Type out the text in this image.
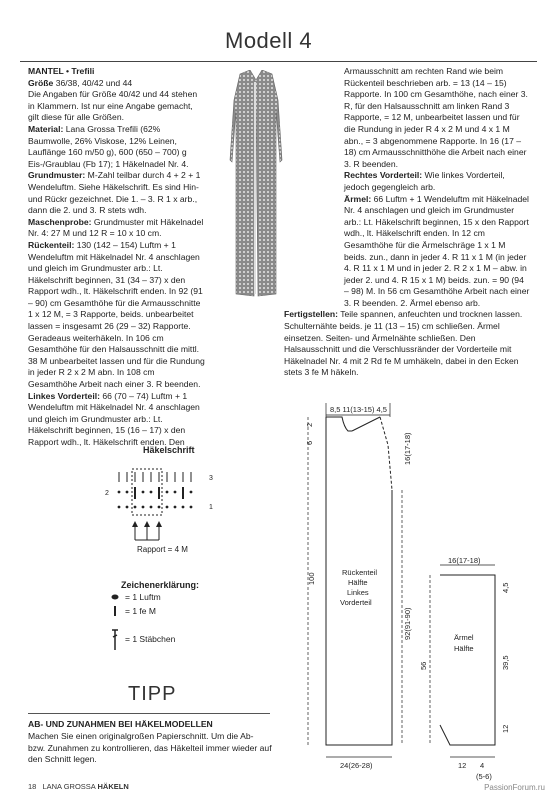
Modell 4

MANTEL • Trefili

Größe 36/38, 40/42 und 44

Die Angaben für Größe 40/42 und 44 stehen in Klammern. Ist nur eine Angabe gemacht, gilt diese für alle Größen.

Material: Lana Grossa Trefili (62% Baumwolle, 26% Viskose, 12% Leinen, Lauflänge 160 m/50 g), 600 (650 – 700) g Eis-/Graublau (Fb 17); 1 Häkelnadel Nr. 4.

Grundmuster: M-Zahl teilbar durch 4 + 2 + 1 Wendeluftm. Siehe Häkelschrift. Es sind Hin- und Rückr gezeichnet. Die 1. – 3. R 1 x arb., dann die 2. und 3. R stets wdh.

Maschenprobe: Grundmuster mit Häkelnadel Nr. 4: 27 M und 12 R = 10 x 10 cm.

Rückenteil: 130 (142 – 154) Luftm + 1 Wendeluftm mit Häkelnadel Nr. 4 anschlagen und gleich im Grundmuster arb.: Lt. Häkelschrift beginnen, 31 (34 – 37) x den Rapport wdh., lt. Häkelschrift enden. In 92 (91 – 90) cm Gesamthöhe für die Armausschnitte 1 x 12 M, = 3 Rapporte, beids. unbearbeitet lassen = insgesamt 26 (29 – 32) Rapporte. Geradeaus weiterhäkeln. In 106 cm Gesamthöhe für den Halsausschnitt die mittl. 38 M unbearbeitet lassen und für die Rundung in jeder R 2 x 2 M abn. In 108 cm Gesamthöhe Arbeit nach einer 3. R beenden.

Linkes Vorderteil: 66 (70 – 74) Luftm + 1 Wendeluftm mit Häkelnadel Nr. 4 anschlagen und gleich im Grundmuster arb.: Lt. Häkelschrift beginnen, 15 (16 – 17) x den Rapport wdh., lt. Häkelschrift enden. Den

Armausschnitt am rechten Rand wie beim Rückenteil beschrieben arb. = 13 (14 – 15) Rapporte. In 100 cm Gesamthöhe, nach einer 3. R, für den Halsausschnitt am linken Rand 3 Rapporte, = 12 M, unbearbeitet lassen und für die Rundung in jeder R 4 x 2 M und 4 x 1 M abn., = 3 abgenommene Rapporte. In 16 (17 – 18) cm Armausschnitthöhe die Arbeit nach einer 3. R beenden.

Rechtes Vorderteil: Wie linkes Vorderteil, jedoch gegengleich arb.

Ärmel: 66 Luftm + 1 Wendeluftm mit Häkelnadel Nr. 4 anschlagen und gleich im Grundmuster arb.: Lt. Häkelschrift beginnen, 15 x den Rapport wdh., lt. Häkelschrift enden. In 12 cm Gesamthöhe für die Ärmelschräge 1 x 1 M beids. zun., dann in jeder 4. R 11 x 1 M (in jeder 4. R 11 x 1 M und in jeder 2. R 2 x 1 M – abw. in jeder 2. und 4. R 15 x 1 M) beids. zun. = 90 (94 – 98) M. In 56 cm Gesamthöhe Arbeit nach einer 3. R beenden. 2. Ärmel ebenso arb.

Fertigstellen: Teile spannen, anfeuchten und trocknen lassen. Schulternähte beids. je 11 (13 – 15) cm schließen. Ärmel einsetzen. Seiten- und Ärmelnähte schließen. Den Halsausschnitt und die Verschlussränder der Vorderteile mit Häkelnadel Nr. 4 mit 2 Rd fe M umhäkeln, dabei in den Ecken stets 3 fe M häkeln.

Häkelschrift
3
2
1
Rapport = 4 M
Zeichenerklärung:
= 1 Luftm
= 1 fe M
= 1 Stäbchen
TIPP
AB- UND ZUNAHMEN BEI HÄKELMODELLEN
Machen Sie einen originalgroßen Papierschnitt. Um die Ab- bzw. Zunahmen zu kontrollieren, das Häkelteil immer wieder auf den Schnitt legen.
8,5 11(13-15) 4,5
2
6	16(17-18)
100
92(91-90)
Rückenteil
Hälfte
Linkes
Vorderteil
24(26-28)
16(17-18)
4,5
Ärmel
Hälfte
56	39,5
12
12 4
(5-6)
18 LANA GROSSA HÄKELN	PassionForum.ru
